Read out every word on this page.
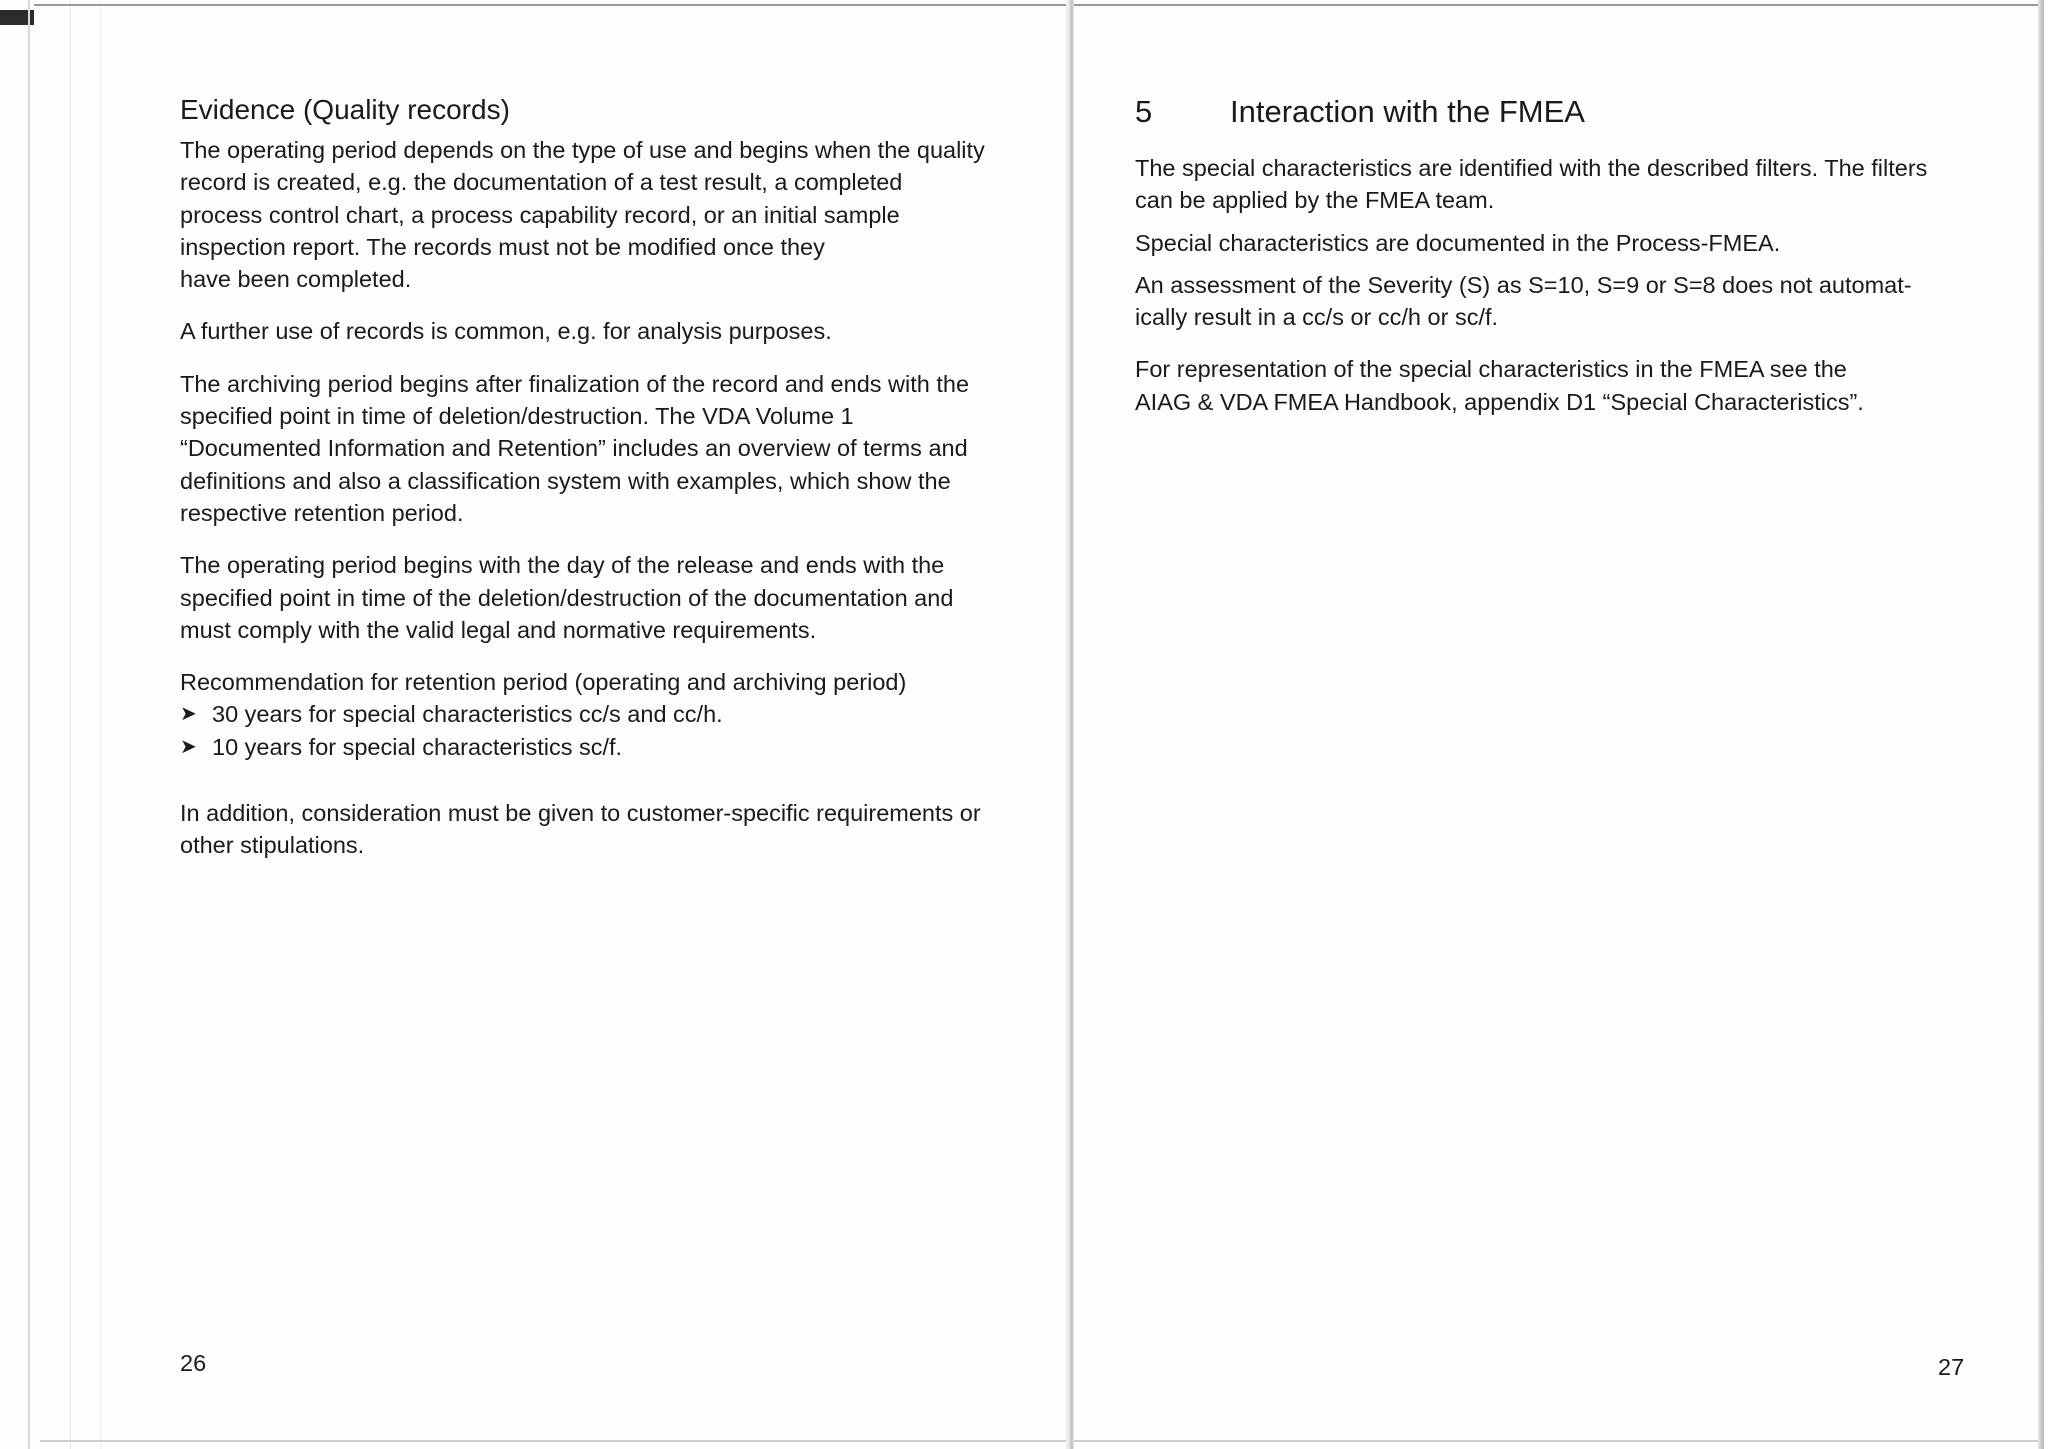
Evidence (Quality records)

The operating period depends on the type of use and begins when the quality
record is created, e.g. the documentation of a test result, a completed
process control chart, a process capability record, or an initial sample
inspection report. The records must not be modified once they
have been completed.

A further use of records is common, e.g. for analysis purposes.

The archiving period begins after finalization of the record and ends with the
specified point in time of deletion/destruction. The VDA Volume 1
“Documented Information and Retention” includes an overview of terms and
definitions and also a classification system with examples, which show the
respective retention period.

The operating period begins with the day of the release and ends with the
specified point in time of the deletion/destruction of the documentation and
must comply with the valid legal and normative requirements.

Recommendation for retention period (operating and archiving period)

➤ 30 years for special characteristics cc/s and cc/h.
➤ 10 years for special characteristics sc/f.

In addition, consideration must be given to customer-specific requirements or
other stipulations.

26
5	Interaction with the FMEA

The special characteristics are identified with the described filters. The filters
can be applied by the FMEA team.

Special characteristics are documented in the Process-FMEA.

An assessment of the Severity (S) as S=10, S=9 or S=8 does not automat-
ically result in a cc/s or cc/h or sc/f.

For representation of the special characteristics in the FMEA see the
AIAG & VDA FMEA Handbook, appendix D1 “Special Characteristics”.

27
